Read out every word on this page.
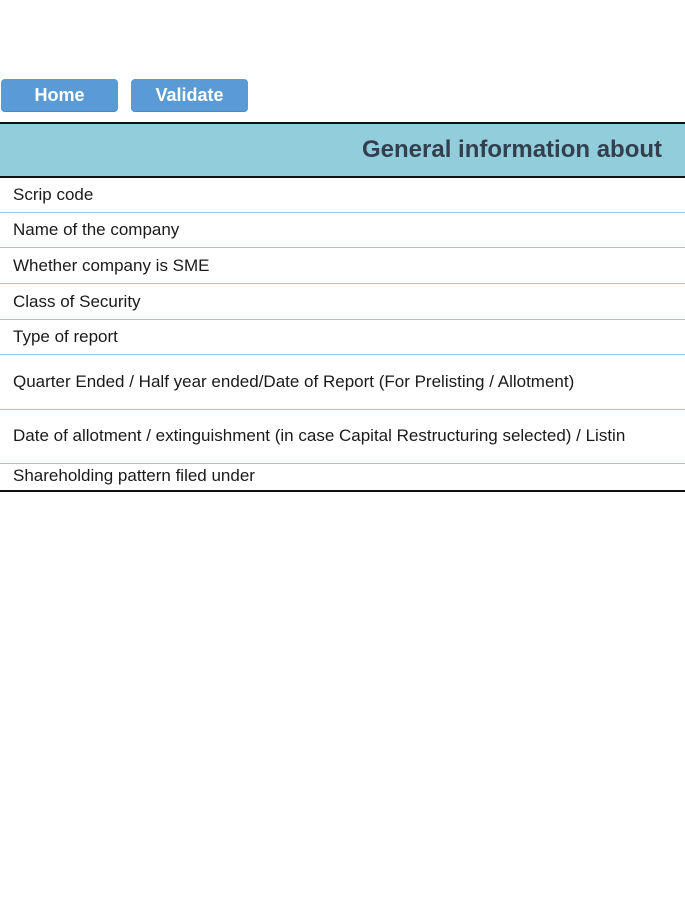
Home	Validate
General information about
Scrip code
Name of the company
Whether company is SME
Class of Security
Type of report
Quarter Ended / Half year ended/Date of Report (For Prelisting / Allotment)
Date of allotment / extinguishment (in case Capital Restructuring selected) / Listin
Shareholding pattern filed under
